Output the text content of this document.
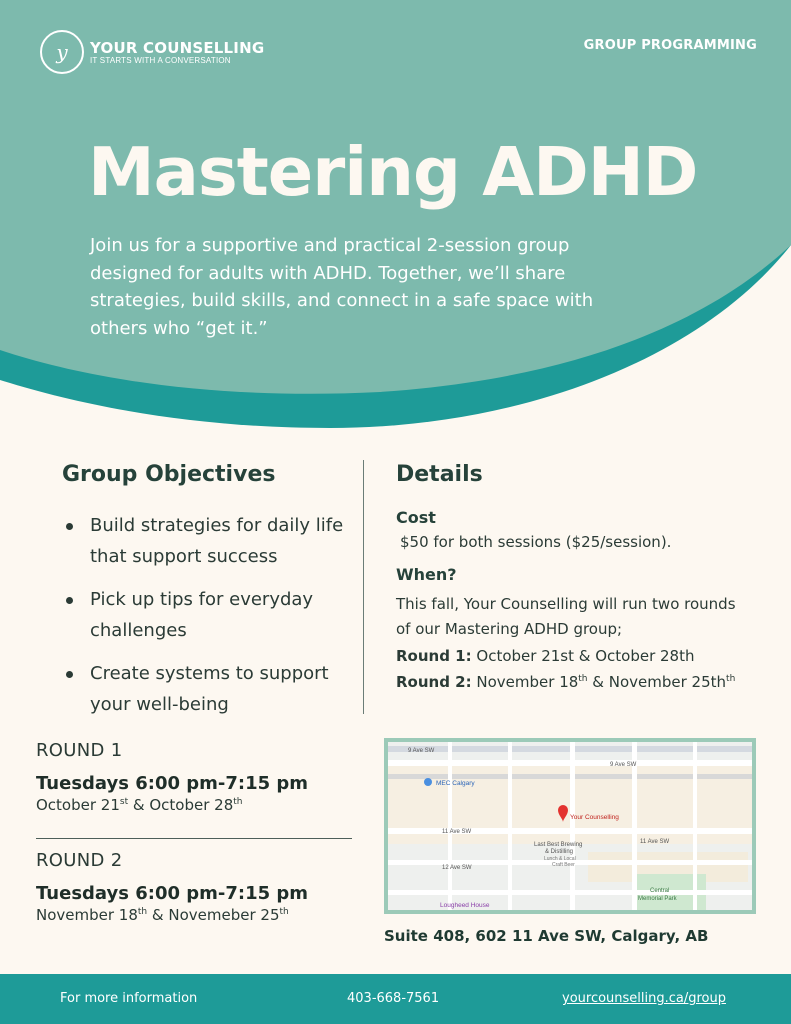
y	YOUR COUNSELLING
IT STARTS WITH A CONVERSATION
GROUP PROGRAMMING
Mastering ADHD
Join us for a supportive and practical 2-session group designed for adults with ADHD. Together, we’ll share strategies, build skills, and connect in a safe space with others who “get it.”
Group Objectives
Build strategies for daily life that support success
Pick up tips for everyday challenges
Create systems to support your well-being
Details
Cost
$50 for both sessions ($25/session).
When?
This fall, Your Counselling will run two rounds of our Mastering ADHD group;
Round 1: October 21st & October 28th
Round 2: November 18th & November $25th^{th}$
ROUND 1
Tuesdays 6:00 pm-7:15 pm
October 21st & October 28th
ROUND 2
Tuesdays 6:00 pm-7:15 pm
November 18th & Novemeber 25th
9 Ave SW
9 Ave SW
11 Ave SW
11 Ave SW
12 Ave SW
MEC Calgary
Your Counselling
Last Best Brewing
& Distilling
Lunch & Local
Craft Beer
Lougheed House
Central
Memorial Park
Suite 408, 602 11 Ave SW, Calgary, AB
For more information	403-668-7561	yourcounselling.ca/group
